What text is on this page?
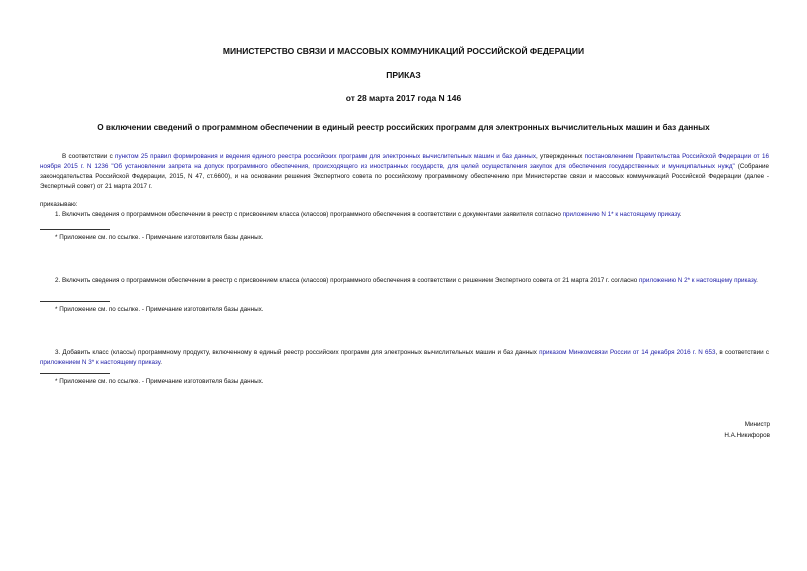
МИНИСТЕРСТВО СВЯЗИ И МАССОВЫХ КОММУНИКАЦИЙ РОССИЙСКОЙ ФЕДЕРАЦИИ
ПРИКАЗ
от 28 марта 2017 года N 146
О включении сведений о программном обеспечении в единый реестр российских программ для электронных вычислительных машин и баз данных
В соответствии с пунктом 25 правил формирования и ведения единого реестра российских программ для электронных вычислительных машин и баз данных, утвержденных постановлением Правительства Российской Федерации от 16 ноября 2015 г. N 1236 "Об установлении запрета на допуск программного обеспечения, происходящего из иностранных государств, для целей осуществления закупок для обеспечения государственных и муниципальных нужд" (Собрание законодательства Российской Федерации, 2015, N 47, ст.6600), и на основании решения Экспертного совета по российскому программному обеспечению при Министерстве связи и массовых коммуникаций Российской Федерации (далее - Экспертный совет) от 21 марта 2017 г.
приказываю:
1. Включить сведения о программном обеспечении в реестр с присвоением класса (классов) программного обеспечения в соответствии с документами заявителя согласно приложению N 1* к настоящему приказу.
* Приложение см. по ссылке. - Примечание изготовителя базы данных.
2. Включить сведения о программном обеспечении в реестр с присвоением класса (классов) программного обеспечения в соответствии с решением Экспертного совета от 21 марта 2017 г. согласно приложению N 2* к настоящему приказу.
* Приложение см. по ссылке. - Примечание изготовителя базы данных.
3. Добавить класс (классы) программному продукту, включенному в единый реестр российских программ для электронных вычислительных машин и баз данных приказом Минкомсвязи России от 14 декабря 2016 г. N 653, в соответствии с приложением N 3* к настоящему приказу.
* Приложение см. по ссылке. - Примечание изготовителя базы данных.
Министр
Н.А.Никифоров
